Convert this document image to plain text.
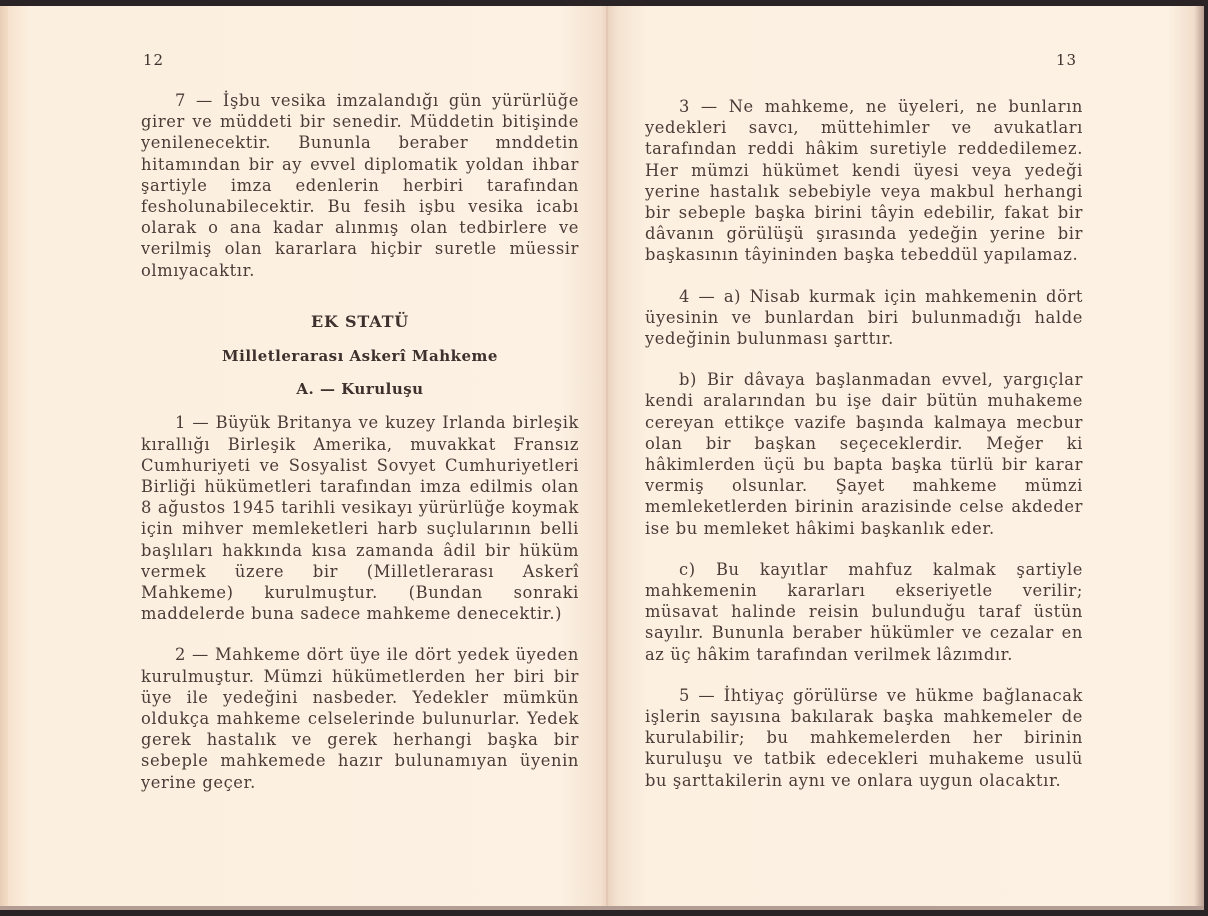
12

7 — İşbu vesika imzalandığı gün yürürlüğe girer ve müddeti bir senedir. Müddetin bitişinde yenilenecektir. Bununla beraber mnddetin hitamından bir ay evvel diplomatik yoldan ihbar şartiyle imza edenlerin herbiri tarafından fesholunabilecektir. Bu fesih işbu vesika icabı olarak o ana kadar alınmış olan tedbirlere ve verilmiş olan kararlara hiçbir suretle müessir olmıyacaktır.

EK STATÜ

Milletlerarası Askerî Mahkeme

A. — Kuruluşu

1 — Büyük Britanya ve kuzey Irlanda birleşik kırallığı Birleşik Amerika, muvakkat Fransız Cumhuriyeti ve Sosyalist Sovyet Cumhuriyetleri Birliği hükümetleri tarafından imza edilmis olan 8 ağustos 1945 tarihli vesikayı yürürlüğe koymak için mihver memleketleri harb suçlularının belli başlıları hakkında kısa zamanda âdil bir hüküm vermek üzere bir (Milletlerarası Askerî Mahkeme) kurulmuştur. (Bundan sonraki maddelerde buna sadece mahkeme denecektir.)

2 — Mahkeme dört üye ile dört yedek üyeden kurulmuştur. Mümzi hükümetlerden her biri bir üye ile yedeğini nasbeder. Yedekler mümkün oldukça mahkeme celselerinde bulunurlar. Yedek gerek hastalık ve gerek herhangi başka bir sebeple mahkemede hazır bulunamıyan üyenin yerine geçer.

13

3 — Ne mahkeme, ne üyeleri, ne bunların yedekleri savcı, müttehimler ve avukatları tarafından reddi hâkim suretiyle reddedilemez. Her mümzi hükümet kendi üyesi veya yedeği yerine hastalık sebebiyle veya makbul herhangi bir sebeple başka birini tâyin edebilir, fakat bir dâvanın görülüşü şırasında yedeğin yerine bir başkasının tâyininden başka tebeddül yapılamaz.

4 — a) Nisab kurmak için mahkemenin dört üyesinin ve bunlardan biri bulunmadığı halde yedeğinin bulunması şarttır.

b) Bir dâvaya başlanmadan evvel, yargıçlar kendi aralarından bu işe dair bütün muhakeme cereyan ettikçe vazife başında kalmaya mecbur olan bir başkan seçeceklerdir. Meğer ki hâkimlerden üçü bu bapta başka türlü bir karar vermiş olsunlar. Şayet mahkeme mümzi memleketlerden birinin arazisinde celse akdeder ise bu memleket hâkimi başkanlık eder.

c) Bu kayıtlar mahfuz kalmak şartiyle mahkemenin kararları ekseriyetle verilir; müsavat halinde reisin bulunduğu taraf üstün sayılır. Bununla beraber hükümler ve cezalar en az üç hâkim tarafından verilmek lâzımdır.

5 — İhtiyaç görülürse ve hükme bağlanacak işlerin sayısına bakılarak başka mahkemeler de kurulabilir; bu mahkemelerden her birinin kuruluşu ve tatbik edecekleri muhakeme usulü bu şarttakilerin aynı ve onlara uygun olacaktır.
